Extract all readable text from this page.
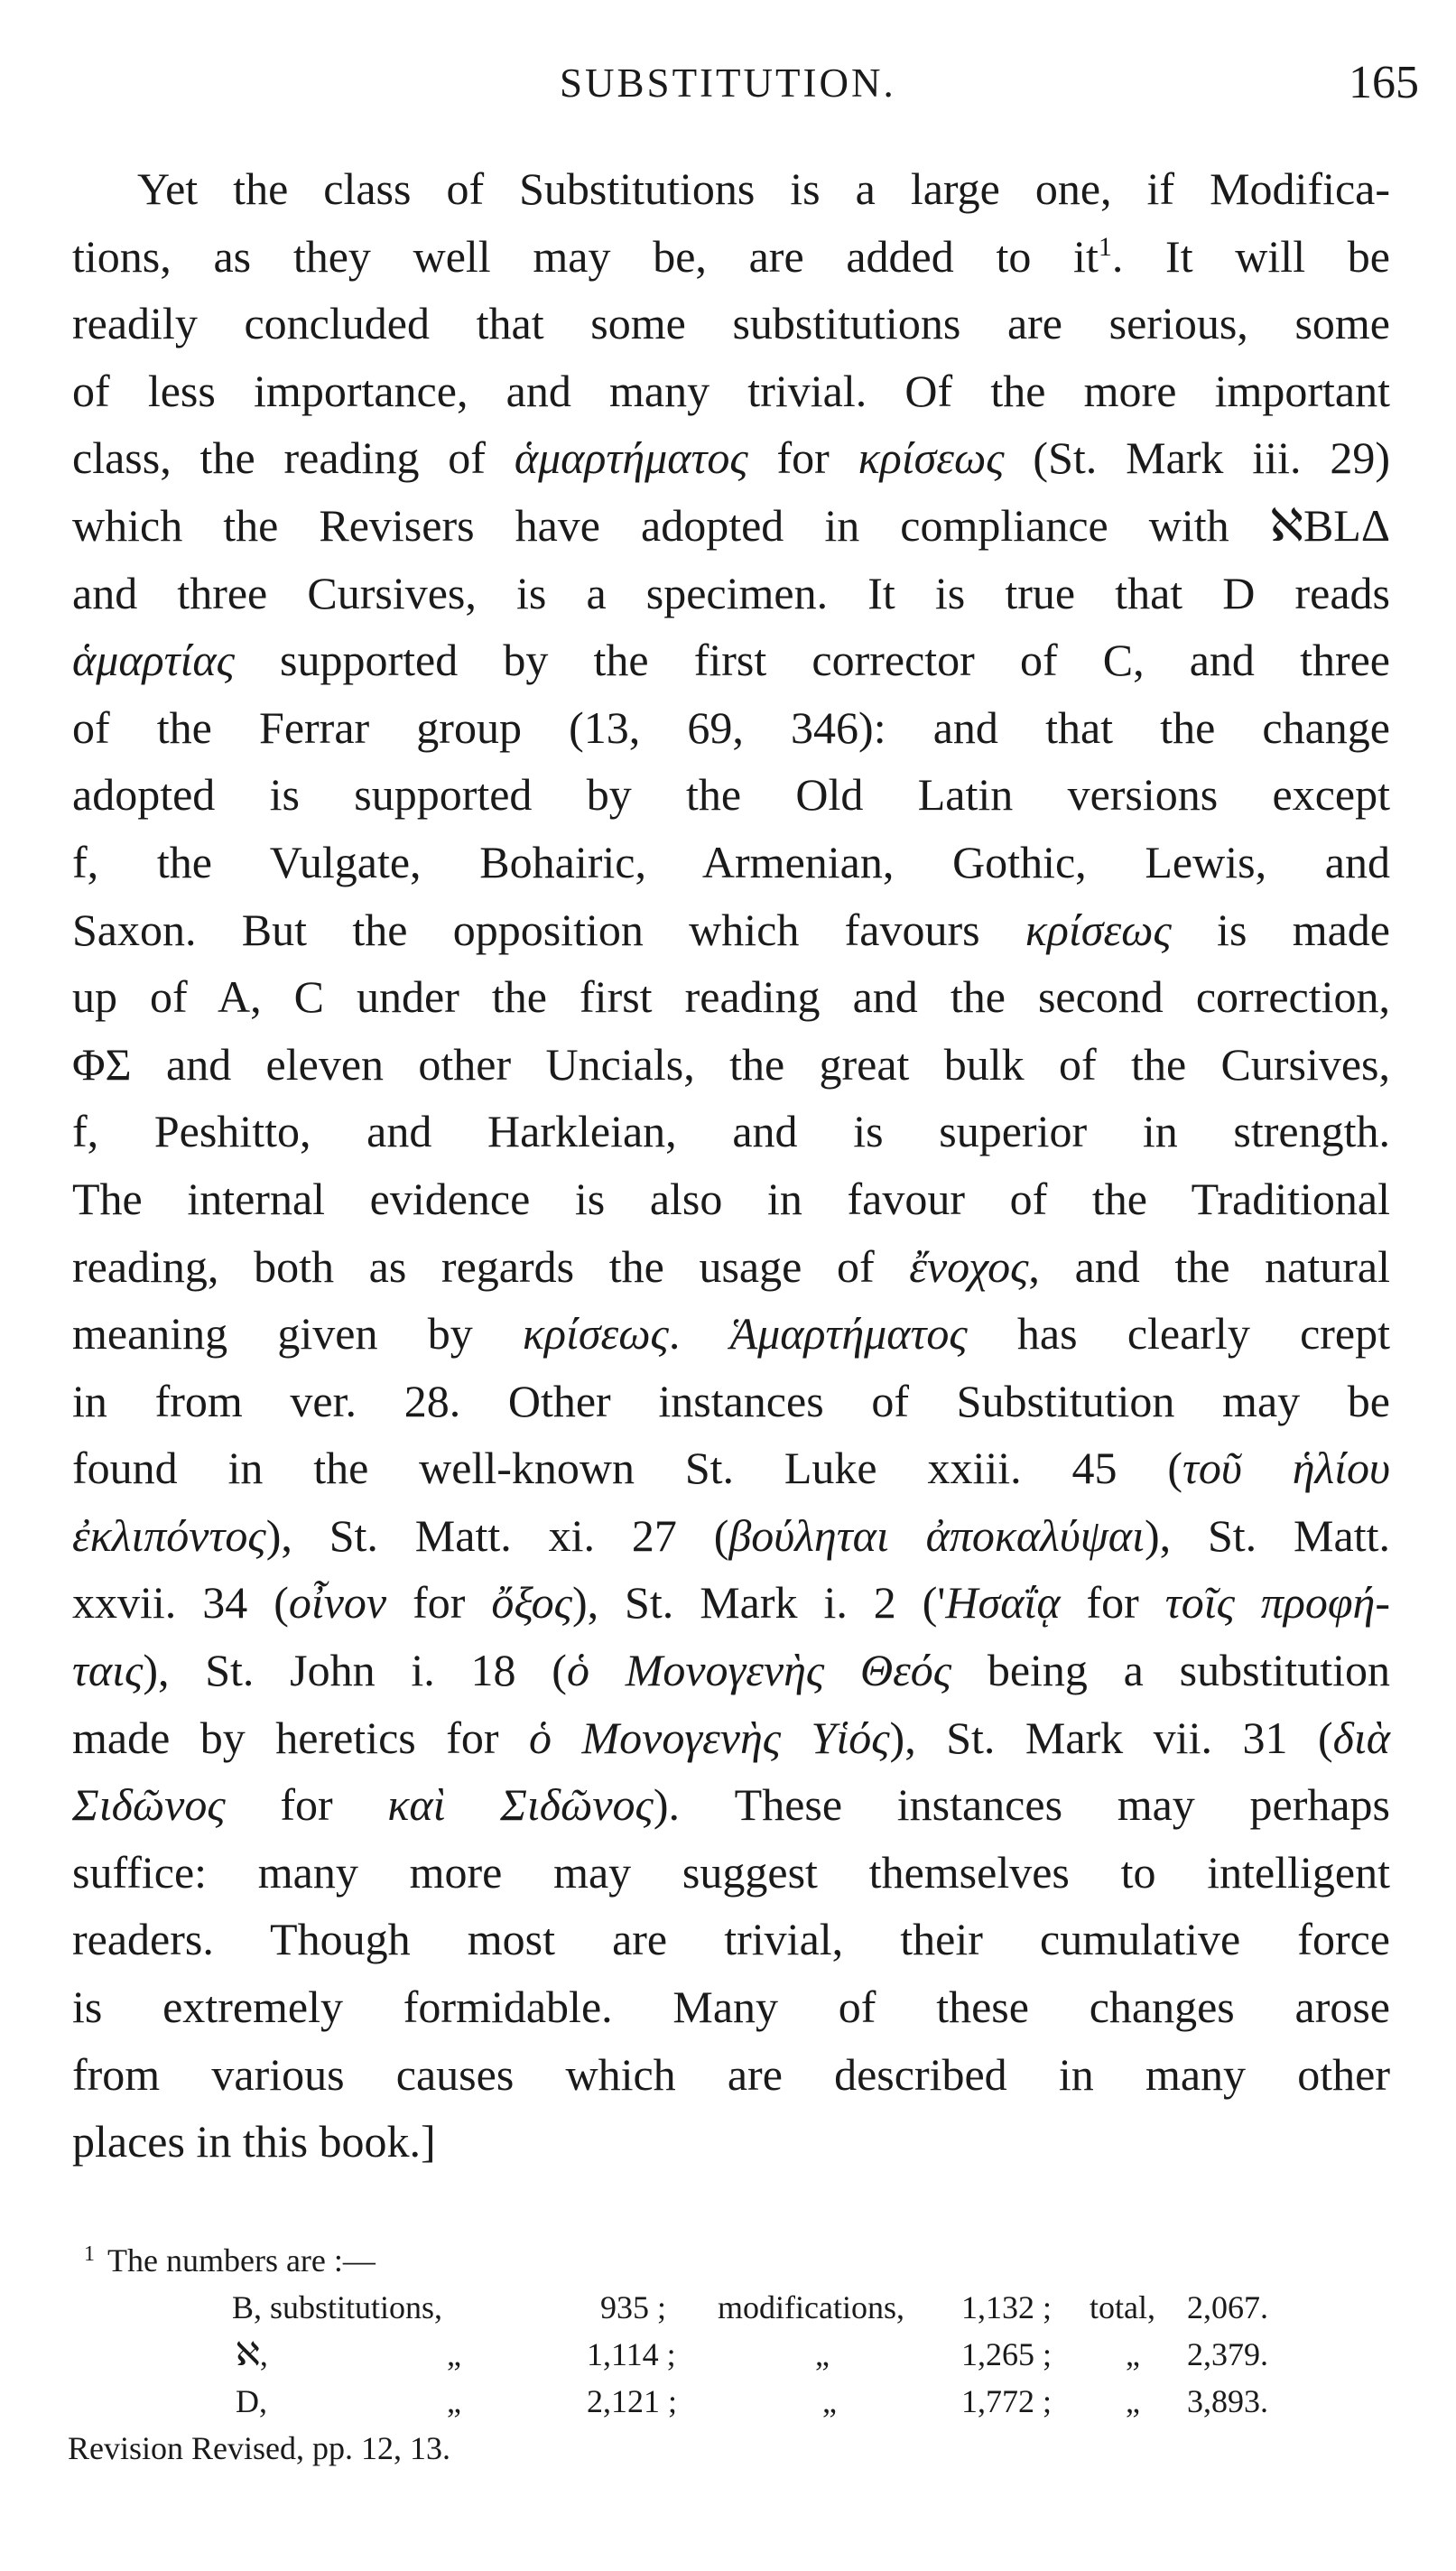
SUBSTITUTION.	165
Yet the class of Substitutions is a large one, if Modifica-
tions, as they well may be, are added to $it^1$. It will be
readily concluded that some substitutions are serious, some
of less importance, and many trivial. Of the more important
class, the reading of ἁμαρτήματος for κρίσεως (St. Mark iii. 29)
which the Revisers have adopted in compliance with ℵBLΔ
and three Cursives, is a specimen. It is true that D reads
ἁμαρτίας supported by the first corrector of C, and three
of the Ferrar group (13, 69, 346): and that the change
adopted is supported by the Old Latin versions except
f, the Vulgate, Bohairic, Armenian, Gothic, Lewis, and
Saxon. But the opposition which favours κρίσεως is made
up of A, C under the first reading and the second correction,
ΦΣ and eleven other Uncials, the great bulk of the Cursives,
f, Peshitto, and Harkleian, and is superior in strength.
The internal evidence is also in favour of the Traditional
reading, both as regards the usage of ἔνοχος, and the natural
meaning given by κρίσεως. Ἁμαρτήματος has clearly crept
in from ver. 28. Other instances of Substitution may be
found in the well-known St. Luke xxiii. 45 (τοῦ ἡλίου
ἐκλιπόντος), St. Matt. xi. 27 (βούληται ἀποκαλύψαι), St. Matt.
xxvii. 34 (οἶνον for ὄξος), St. Mark i. 2 ('Ησαΐᾳ for τοῖς προφή-
ταις), St. John i. 18 (ὁ Μονογενὴς Θεός being a substitution
made by heretics for ὁ Μονογενὴς Υἱός), St. Mark vii. 31 (διὰ
Σιδῶνος for καὶ Σιδῶνος). These instances may perhaps
suffice: many more may suggest themselves to intelligent
readers. Though most are trivial, their cumulative force
is extremely formidable. Many of these changes arose
from various causes which are described in many other
places in this book.]
$^1$ The numbers are :—
B, substitutions,	935 ; modifications, 1,132 ; total, 2,067.
ℵ,	„	1,114 ;	„	1,265 ; „ 2,379.
D,	„	2,121 ;	„	1,772 ; „ 3,893.
Revision Revised, pp. 12, 13.
